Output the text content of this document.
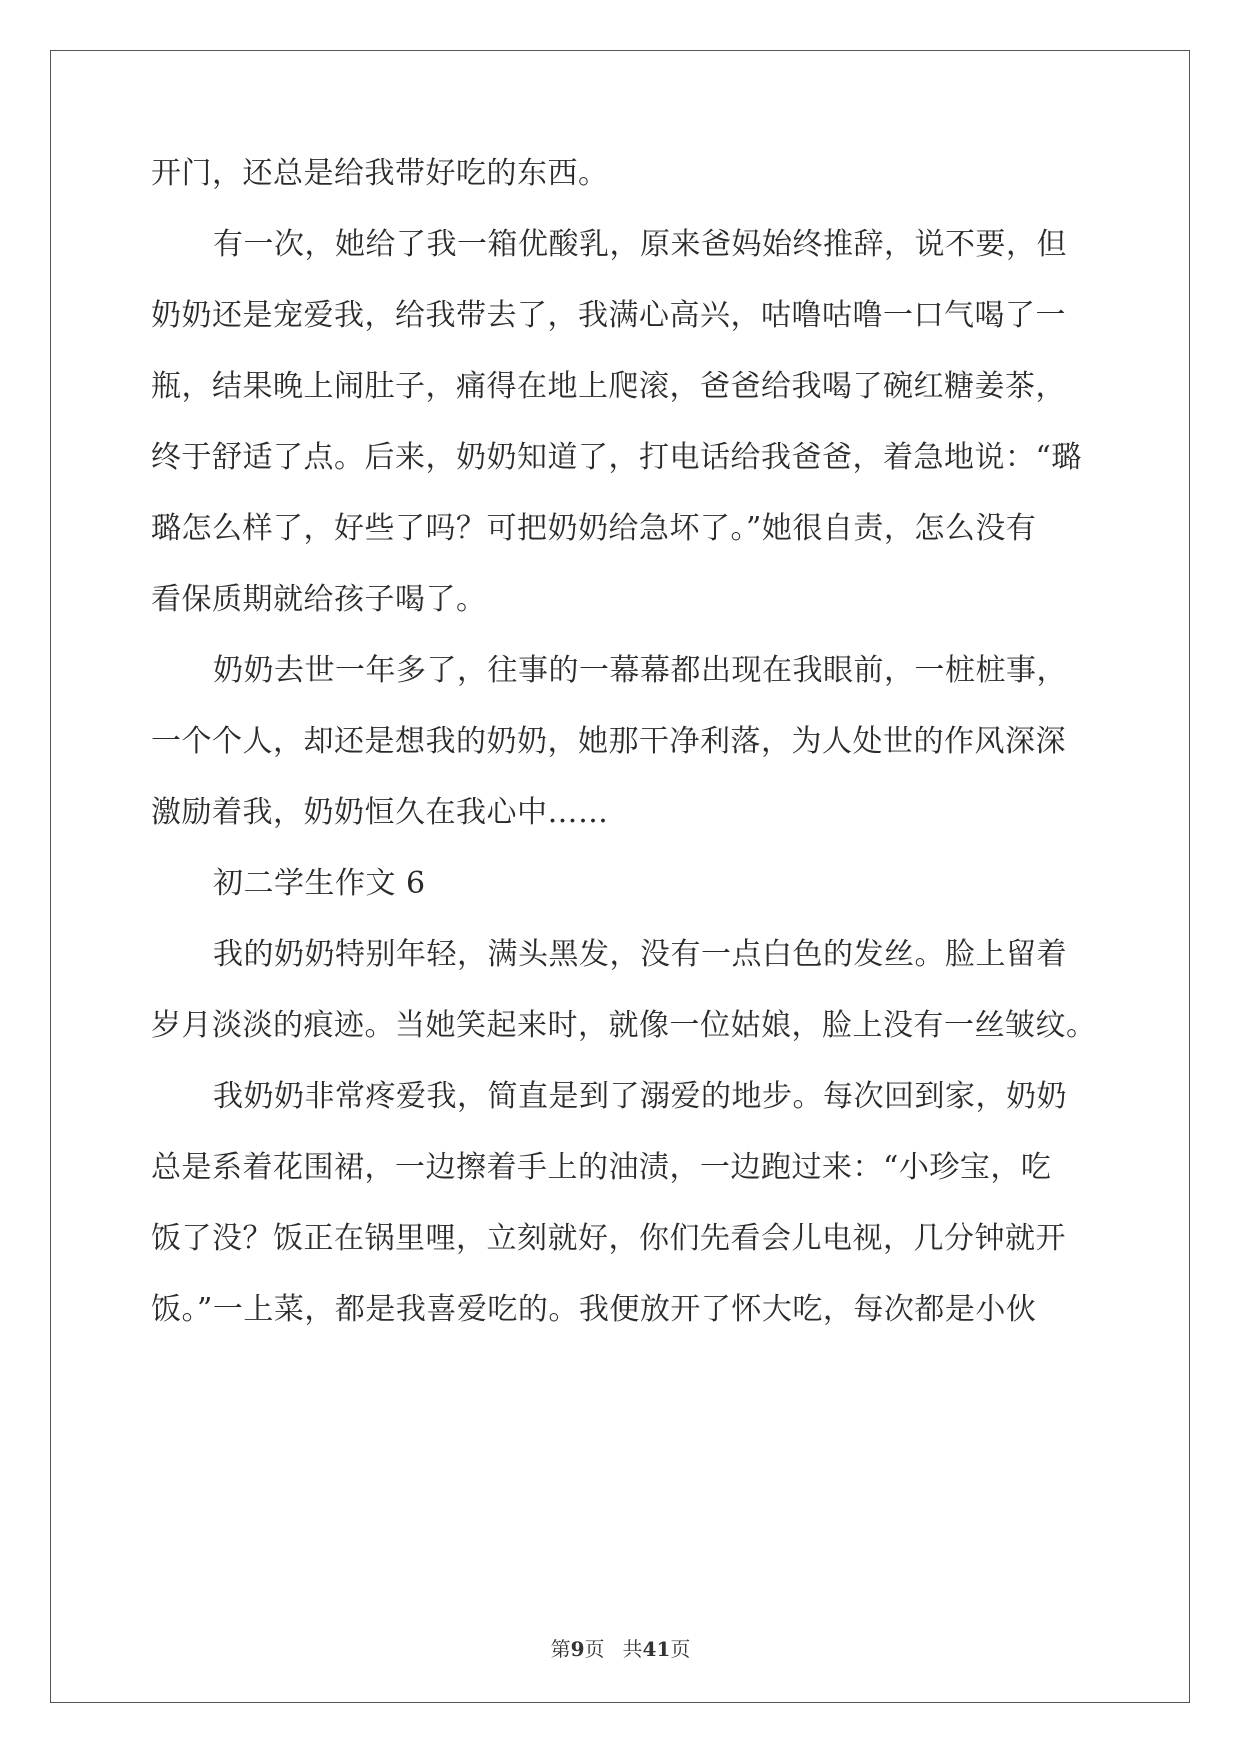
开门，还总是给我带好吃的东西。
有一次，她给了我一箱优酸乳，原来爸妈始终推辞，说不要，但
奶奶还是宠爱我，给我带去了，我满心高兴，咕噜咕噜一口气喝了一
瓶，结果晚上闹肚子，痛得在地上爬滚，爸爸给我喝了碗红糖姜茶，
终于舒适了点。后来，奶奶知道了，打电话给我爸爸，着急地说：“璐
璐怎么样了，好些了吗？可把奶奶给急坏了。”她很自责，怎么没有
看保质期就给孩子喝了。
奶奶去世一年多了，往事的一幕幕都出现在我眼前，一桩桩事，
一个个人，却还是想我的奶奶，她那干净利落，为人处世的作风深深
激励着我，奶奶恒久在我心中……
初二学生作文 6
我的奶奶特别年轻，满头黑发，没有一点白色的发丝。脸上留着
岁月淡淡的痕迹。当她笑起来时，就像一位姑娘，脸上没有一丝皱纹。
我奶奶非常疼爱我，简直是到了溺爱的地步。每次回到家，奶奶
总是系着花围裙，一边擦着手上的油渍，一边跑过来：“小珍宝，吃
饭了没？饭正在锅里哩，立刻就好，你们先看会儿电视，几分钟就开
饭。”一上菜，都是我喜爱吃的。我便放开了怀大吃，每次都是小伙
第9页 共41页
